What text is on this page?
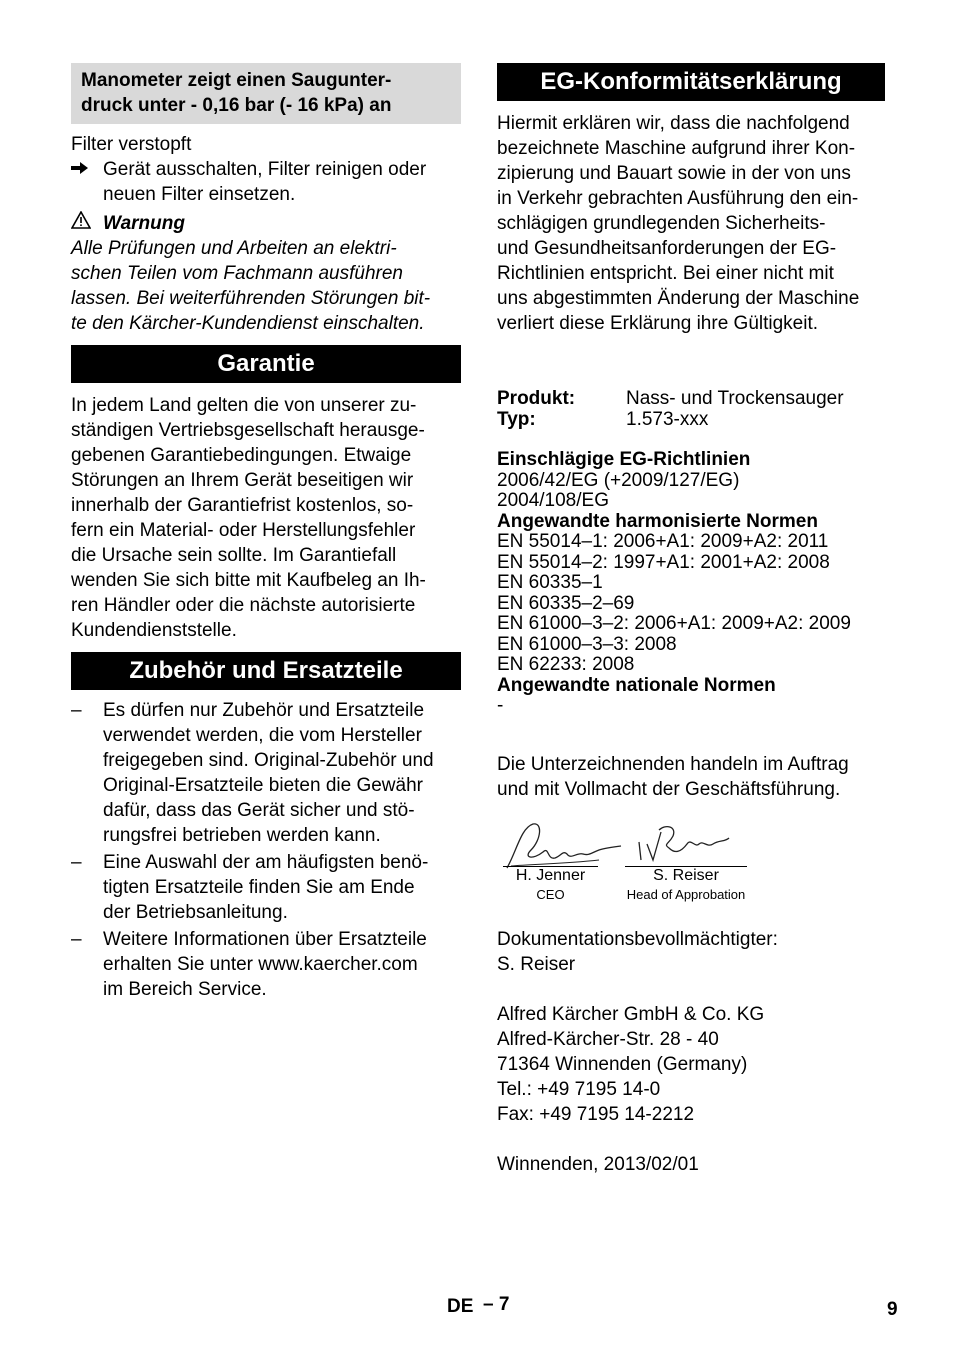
Manometer zeigt einen Saugunter-
druck unter - 0,16 bar (- 16 kPa) an

Filter verstopft

Gerät ausschalten, Filter reinigen oder
neuen Filter einsetzen.
Warnung
Alle Prüfungen und Arbeiten an elektri-
schen Teilen vom Fachmann ausführen
lassen. Bei weiterführenden Störungen bit-
te den Kärcher-Kundendienst einschalten.
Garantie
In jedem Land gelten die von unserer zu-
ständigen Vertriebsgesellschaft herausge-
gebenen Garantiebedingungen. Etwaige
Störungen an Ihrem Gerät beseitigen wir
innerhalb der Garantiefrist kostenlos, so-
fern ein Material- oder Herstellungsfehler
die Ursache sein sollte. Im Garantiefall
wenden Sie sich bitte mit Kaufbeleg an Ih-
ren Händler oder die nächste autorisierte
Kundendienststelle.
Zubehör und Ersatzteile
–	Es dürfen nur Zubehör und Ersatzteile
verwendet werden, die vom Hersteller
freigegeben sind. Original-Zubehör und
Original-Ersatzteile bieten die Gewähr
dafür, dass das Gerät sicher und stö-
rungsfrei betrieben werden kann.
–	Eine Auswahl der am häufigsten benö-
tigten Ersatzteile finden Sie am Ende
der Betriebsanleitung.
–	Weitere Informationen über Ersatzteile
erhalten Sie unter www.kaercher.com
im Bereich Service.
EG-Konformitätserklärung
Hiermit erklären wir, dass die nachfolgend
bezeichnete Maschine aufgrund ihrer Kon-
zipierung und Bauart sowie in der von uns
in Verkehr gebrachten Ausführung den ein-
schlägigen grundlegenden Sicherheits-
und Gesundheitsanforderungen der EG-
Richtlinien entspricht. Bei einer nicht mit
uns abgestimmten Änderung der Maschine
verliert diese Erklärung ihre Gültigkeit.
Produkt:	Nass- und Trockensauger
Typ:	1.573-xxx
Einschlägige EG-Richtlinien
2006/42/EG (+2009/127/EG)
2004/108/EG
Angewandte harmonisierte Normen
EN 55014–1: 2006+A1: 2009+A2: 2011
EN 55014–2: 1997+A1: 2001+A2: 2008
EN 60335–1
EN 60335–2–69
EN 61000–3–2: 2006+A1: 2009+A2: 2009
EN 61000–3–3: 2008
EN 62233: 2008
Angewandte nationale Normen
-
Die Unterzeichnenden handeln im Auftrag
und mit Vollmacht der Geschäftsführung.
H. Jenner
CEO
S. Reiser
Head of Approbation
Dokumentationsbevollmächtigter:
S. Reiser
Alfred Kärcher GmbH & Co. KG
Alfred-Kärcher-Str. 28 - 40
71364 Winnenden (Germany)
Tel.: +49 7195 14-0
Fax: +49 7195 14-2212

Winnenden, 2013/02/01

DE – 7	9
